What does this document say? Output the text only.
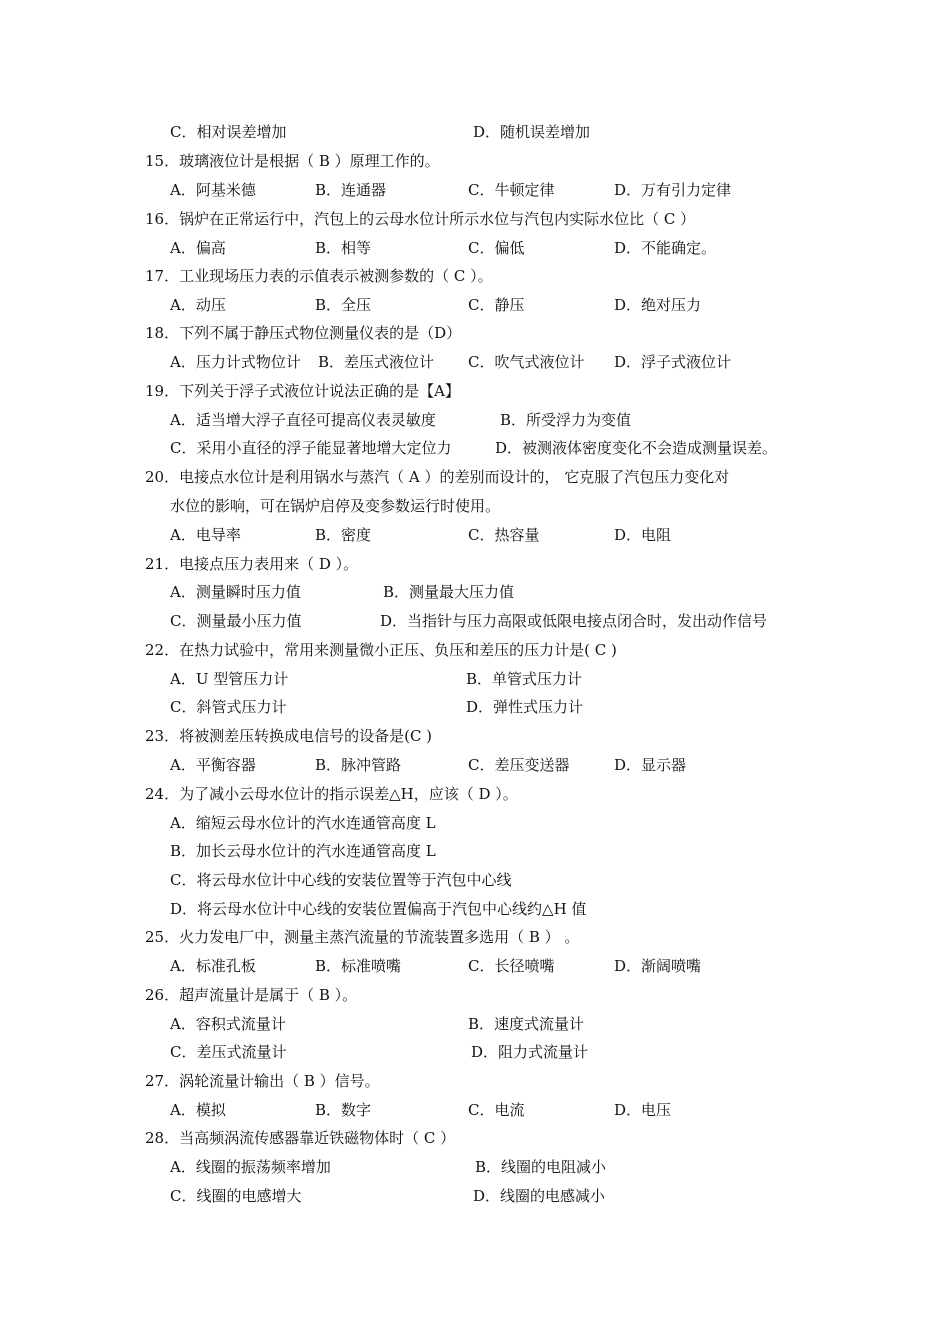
C．相对误差增加	D．随机误差增加
15．玻璃液位计是根据（ B ）原理工作的。
A．阿基米德	B．连通器	C．牛顿定律	D．万有引力定律
16．锅炉在正常运行中，汽包上的云母水位计所示水位与汽包内实际水位比（ C ）
A．偏高	B．相等	C．偏低	D．不能确定。
17．工业现场压力表的示值表示被测参数的（ C ）。
A．动压	B．全压	C．静压	D．绝对压力
18．下列不属于静压式物位测量仪表的是（D）
A．压力计式物位计 B．差压式液位计 C．吹气式液位计 D．浮子式液位计
19．下列关于浮子式液位计说法正确的是【A】
A．适当增大浮子直径可提高仪表灵敏度	B．所受浮力为变值
C．采用小直径的浮子能显著地增大定位力	D．被测液体密度变化不会造成测量误差。
20．电接点水位计是利用锅水与蒸汽（ A ）的差别而设计的， 它克服了汽包压力变化对
水位的影响，可在锅炉启停及变参数运行时使用。
A．电导率	B．密度	C．热容量	D．电阻
21．电接点压力表用来（ D ）。
A．测量瞬时压力值	B．测量最大压力值
C．测量最小压力值	D．当指针与压力高限或低限电接点闭合时，发出动作信号
22．在热力试验中，常用来测量微小正压、负压和差压的压力计是( C )
A．U 型管压力计	B．单管式压力计
C．斜管式压力计	D．弹性式压力计
23．将被测差压转换成电信号的设备是(C )
A．平衡容器	B．脉冲管路	C．差压变送器	D．显示器
24．为了减小云母水位计的指示误差△H，应该（ D ）。
A．缩短云母水位计的汽水连通管高度 L
B．加长云母水位计的汽水连通管高度 L
C．将云母水位计中心线的安装位置等于汽包中心线
D．将云母水位计中心线的安装位置偏高于汽包中心线约△H 值
25．火力发电厂中，测量主蒸汽流量的节流装置多选用（ B ） 。
A．标准孔板	B．标准喷嘴	C．长径喷嘴	D．渐阔喷嘴
26．超声流量计是属于（ B ）。
A．容积式流量计	B．速度式流量计
C．差压式流量计	D．阻力式流量计
27．涡轮流量计输出（ B ）信号。
A．模拟	B．数字	C．电流	D．电压
28．当高频涡流传感器靠近铁磁物体时（ C ）
A．线圈的振荡频率增加	B．线圈的电阻减小
C．线圈的电感增大	D．线圈的电感减小
